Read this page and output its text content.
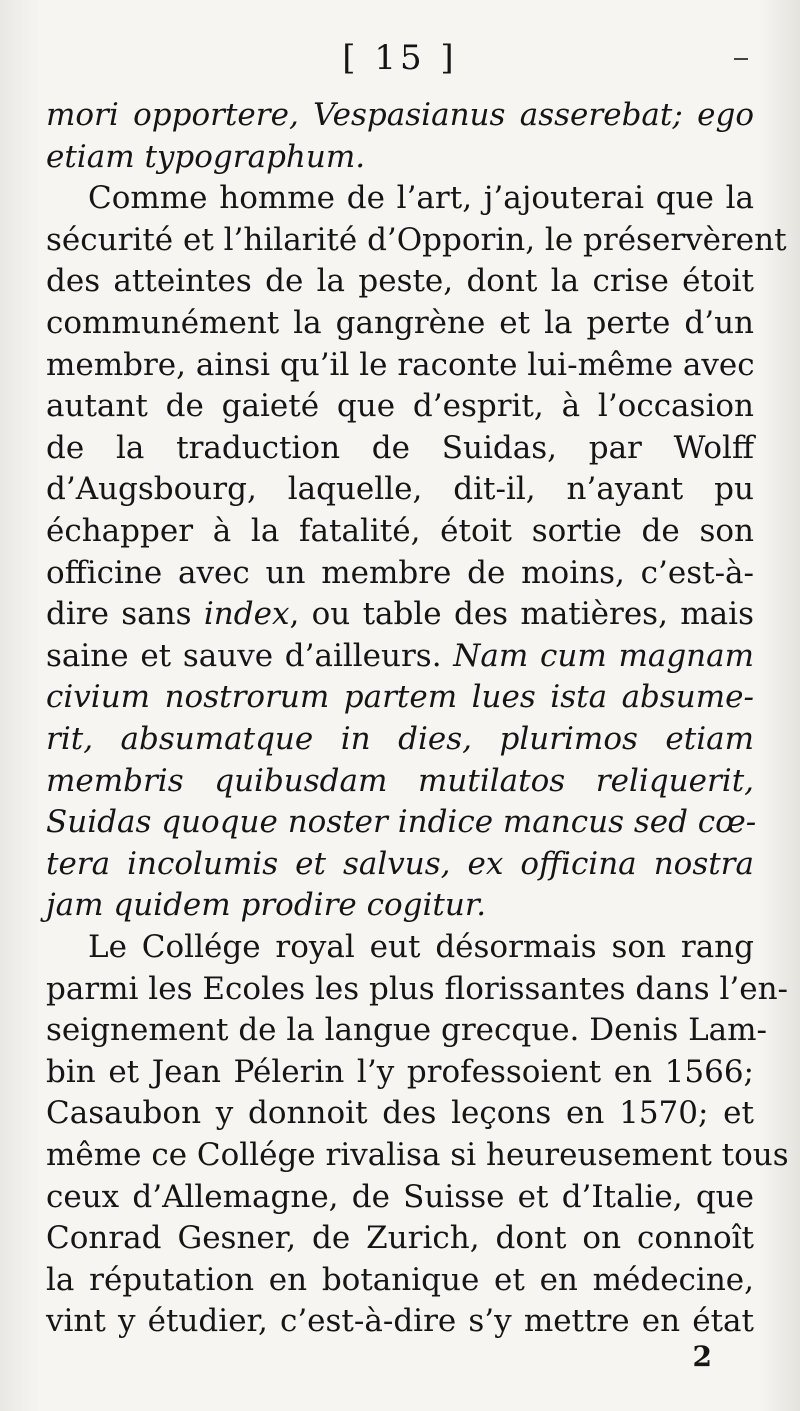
[ 15 ]
mori opportere, Vespasianus asserebat; ego
etiam typographum.
Comme homme de l’art, j’ajouterai que la
sécurité et l’hilarité d’Opporin, le préservèrent
des atteintes de la peste, dont la crise étoit
communément la gangrène et la perte d’un
membre, ainsi qu’il le raconte lui-même avec
autant de gaieté que d’esprit, à l’occasion
de la traduction de Suidas, par Wolff
d’Augsbourg, laquelle, dit-il, n’ayant pu
échapper à la fatalité, étoit sortie de son
officine avec un membre de moins, c’est-à-
dire sans index, ou table des matières, mais
saine et sauve d’ailleurs. Nam cum magnam
civium nostrorum partem lues ista absume-
rit, absumatque in dies, plurimos etiam
membris quibusdam mutilatos reliquerit,
Suidas quoque noster indice mancus sed cœ-
tera incolumis et salvus, ex officina nostra
jam quidem prodire cogitur.
Le Collége royal eut désormais son rang
parmi les Ecoles les plus florissantes dans l’en-
seignement de la langue grecque. Denis Lam-
bin et Jean Pélerin l’y professoient en 1566;
Casaubon y donnoit des leçons en 1570; et
même ce Collége rivalisa si heureusement tous
ceux d’Allemagne, de Suisse et d’Italie, que
Conrad Gesner, de Zurich, dont on connoît
la réputation en botanique et en médecine,
vint y étudier, c’est-à-dire s’y mettre en état
2
